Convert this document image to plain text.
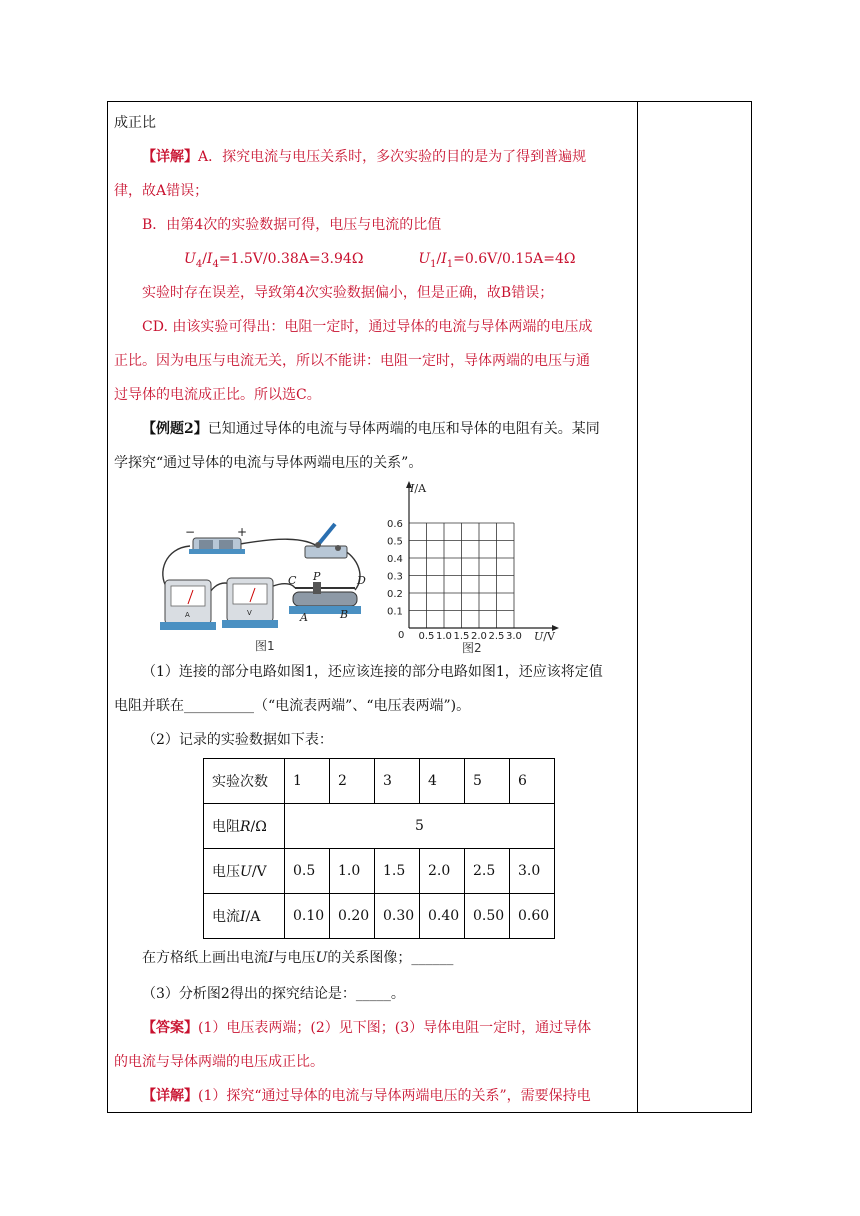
成正比
【详解】A．探究电流与电压关系时，多次实验的目的是为了得到普遍规
律，故A错误；
B．由第4次的实验数据可得，电压与电流的比值
$U_4/I_4=1.5V/0.38A=3.94\Omega$	$U_1/I_1=0.6V/0.15A=4\Omega$
实验时存在误差，导致第4次实验数据偏小，但是正确，故B错误；
CD. 由该实验可得出：电阻一定时，通过导体的电流与导体两端的电压成
正比。因为电压与电流无关，所以不能讲：电阻一定时，导体两端的电压与通
过导体的电流成正比。所以选C。
【例题2】已知通过导体的电流与导体两端的电压和导体的电阻有关。某同
学探究“通过导体的电流与导体两端电压的关系”。
−	+
A	V
C P	D
A	B
图1
I/A
0
0.6
0.5
0.4
0.3
0.2
0.1
0.5 1.0 1.5 2.0 2.5 3.0 U/V
图2
（1）连接的部分电路如图1，还应该连接的部分电路如图1，还应该将定值
电阻并联在__________（“电流表两端”、“电压表两端”)。
（2）记录的实验数据如下表：
实验次数	1	2	3	4	5	6
电阻R/Ω	5					
电压U/V	0.5	1.0	1.5	2.0	2.5	3.0
电流I/A	0.10	0.20	0.30	0.40	0.50	0.60
在方格纸上画出电流I与电压U的关系图像；______
（3）分析图2得出的探究结论是：_____。
【答案】(1）电压表两端；(2）见下图；(3）导体电阻一定时，通过导体
的电流与导体两端的电压成正比。
【详解】(1）探究“通过导体的电流与导体两端电压的关系”，需要保持电
